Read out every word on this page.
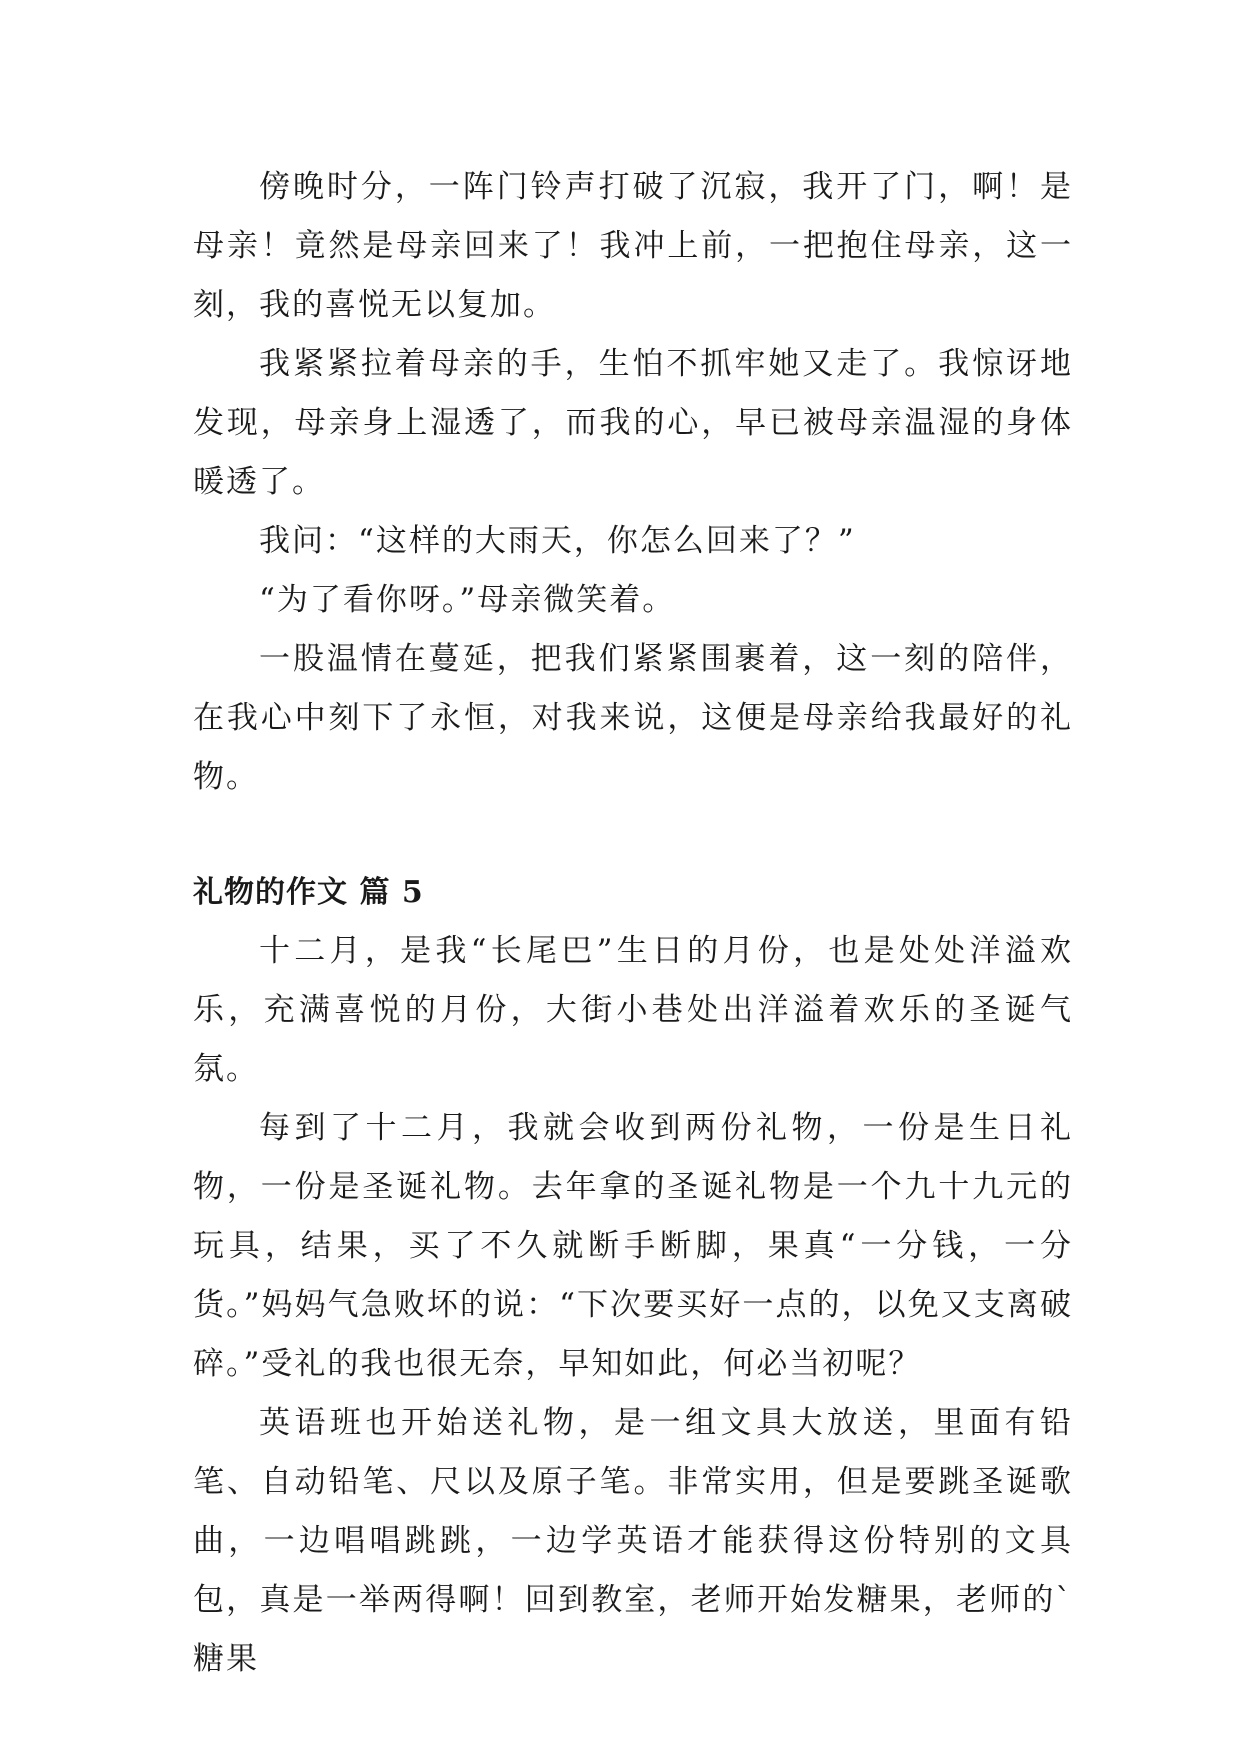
傍晚时分，一阵门铃声打破了沉寂，我开了门，啊！是母亲！竟然是母亲回来了！我冲上前，一把抱住母亲，这一刻，我的喜悦无以复加。

我紧紧拉着母亲的手，生怕不抓牢她又走了。我惊讶地发现，母亲身上湿透了，而我的心，早已被母亲温湿的身体暖透了。

我问：“这样的大雨天，你怎么回来了？”

“为了看你呀。”母亲微笑着。

一股温情在蔓延，把我们紧紧围裹着，这一刻的陪伴，在我心中刻下了永恒，对我来说，这便是母亲给我最好的礼物。

礼物的作文 篇 5

十二月，是我“长尾巴”生日的月份，也是处处洋溢欢乐，充满喜悦的月份，大街小巷处出洋溢着欢乐的圣诞气氛。

每到了十二月，我就会收到两份礼物，一份是生日礼物，一份是圣诞礼物。去年拿的圣诞礼物是一个九十九元的玩具，结果，买了不久就断手断脚，果真“一分钱，一分货。”妈妈气急败坏的说：“下次要买好一点的，以免又支离破碎。”受礼的我也很无奈，早知如此，何必当初呢？

英语班也开始送礼物，是一组文具大放送，里面有铅笔、自动铅笔、尺以及原子笔。非常实用，但是要跳圣诞歌曲，一边唱唱跳跳，一边学英语才能获得这份特别的文具包，真是一举两得啊！回到教室，老师开始发糖果，老师的`糖果
